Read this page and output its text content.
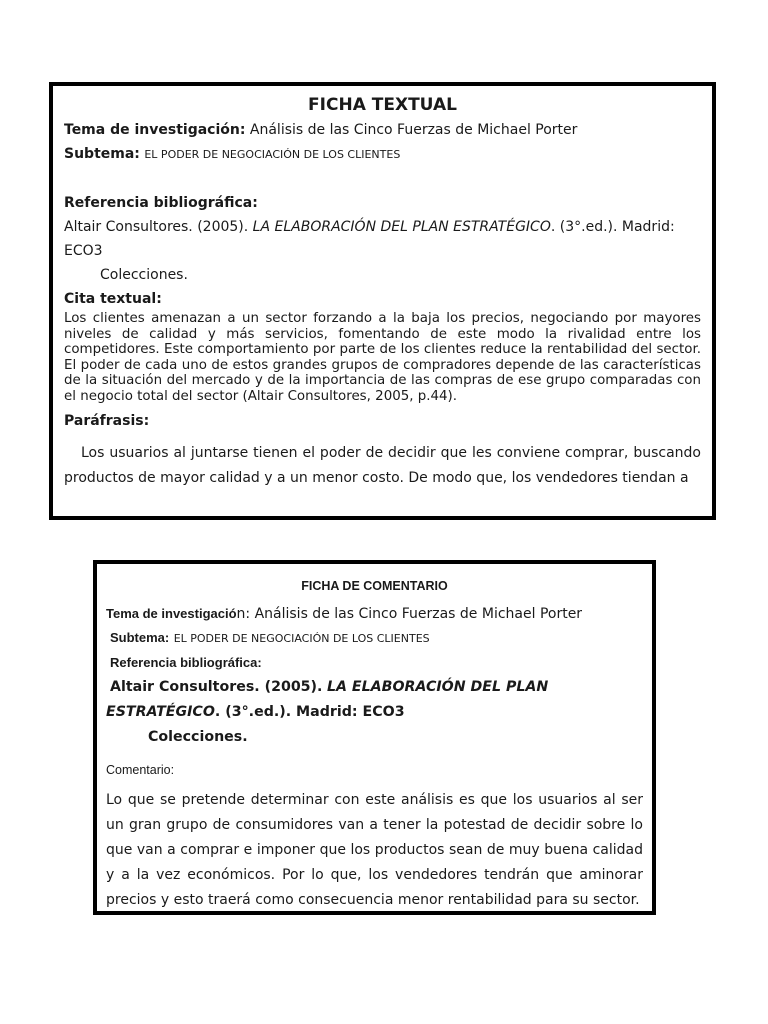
FICHA TEXTUAL

Tema de investigación: Análisis de las Cinco Fuerzas de Michael Porter

Subtema: EL PODER DE NEGOCIACIÓN DE LOS CLIENTES

Referencia bibliográfica:

Altair Consultores. (2005). LA ELABORACIÓN DEL PLAN ESTRATÉGICO. (3°.ed.). Madrid:

ECO3

Colecciones.

Cita textual:

Los clientes amenazan a un sector forzando a la baja los precios, negociando por mayores niveles de calidad y más servicios, fomentando de este modo la rivalidad entre los competidores. Este comportamiento por parte de los clientes reduce la rentabilidad del sector. El poder de cada uno de estos grandes grupos de compradores depende de las características de la situación del mercado y de la importancia de las compras de ese grupo comparadas con el negocio total del sector (Altair Consultores, 2005, p.44).

Paráfrasis:

Los usuarios al juntarse tienen el poder de decidir que les conviene comprar, buscando productos de mayor calidad y a un menor costo. De modo que, los vendedores tiendan a

FICHA DE COMENTARIO

Tema de investigación: Análisis de las Cinco Fuerzas de Michael Porter

Subtema: EL PODER DE NEGOCIACIÓN DE LOS CLIENTES

Referencia bibliográfica:

Altair Consultores. (2005). LA ELABORACIÓN DEL PLAN

ESTRATÉGICO. (3°.ed.). Madrid: ECO3

Colecciones.

Comentario:

Lo que se pretende determinar con este análisis es que los usuarios al ser un gran grupo de consumidores van a tener la potestad de decidir sobre lo que van a comprar e imponer que los productos sean de muy buena calidad y a la vez económicos. Por lo que, los vendedores tendrán que aminorar precios y esto traerá como consecuencia menor rentabilidad para su sector.
